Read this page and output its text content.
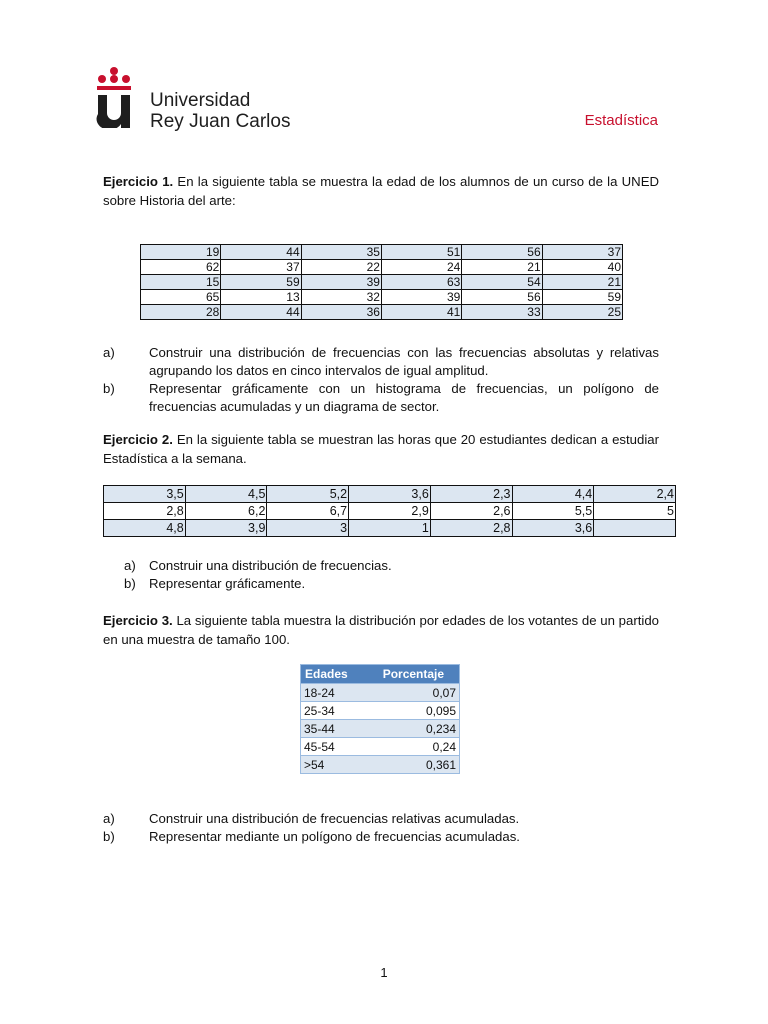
Universidad
Rey Juan Carlos	Estadística
Ejercicio 1. En la siguiente tabla se muestra la edad de los alumnos de un curso de la UNED sobre Historia del arte:
19	44	35	51	56	37
62	37	22	24	21	40
15	59	39	63	54	21
65	13	32	39	56	59
28	44	36	41	33	25
a)	Construir una distribución de frecuencias con las frecuencias absolutas y relativas agrupando los datos en cinco intervalos de igual amplitud.
b)	Representar gráficamente con un histograma de frecuencias, un polígono de frecuencias acumuladas y un diagrama de sector.
Ejercicio 2. En la siguiente tabla se muestran las horas que 20 estudiantes dedican a estudiar Estadística a la semana.
3,5	4,5	5,2	3,6	2,3	4,4	2,4
2,8	6,2	6,7	2,9	2,6	5,5	5
4,8	3,9	3	1	2,8	3,6	
a)	Construir una distribución de frecuencias.
b)	Representar gráficamente.
Ejercicio 3. La siguiente tabla muestra la distribución por edades de los votantes de un partido en una muestra de tamaño 100.
Edades	Porcentaje
18-24	0,07
25-34	0,095
35-44	0,234
45-54	0,24
>54	0,361
a)	Construir una distribución de frecuencias relativas acumuladas.
b)	Representar mediante un polígono de frecuencias acumuladas.
1
